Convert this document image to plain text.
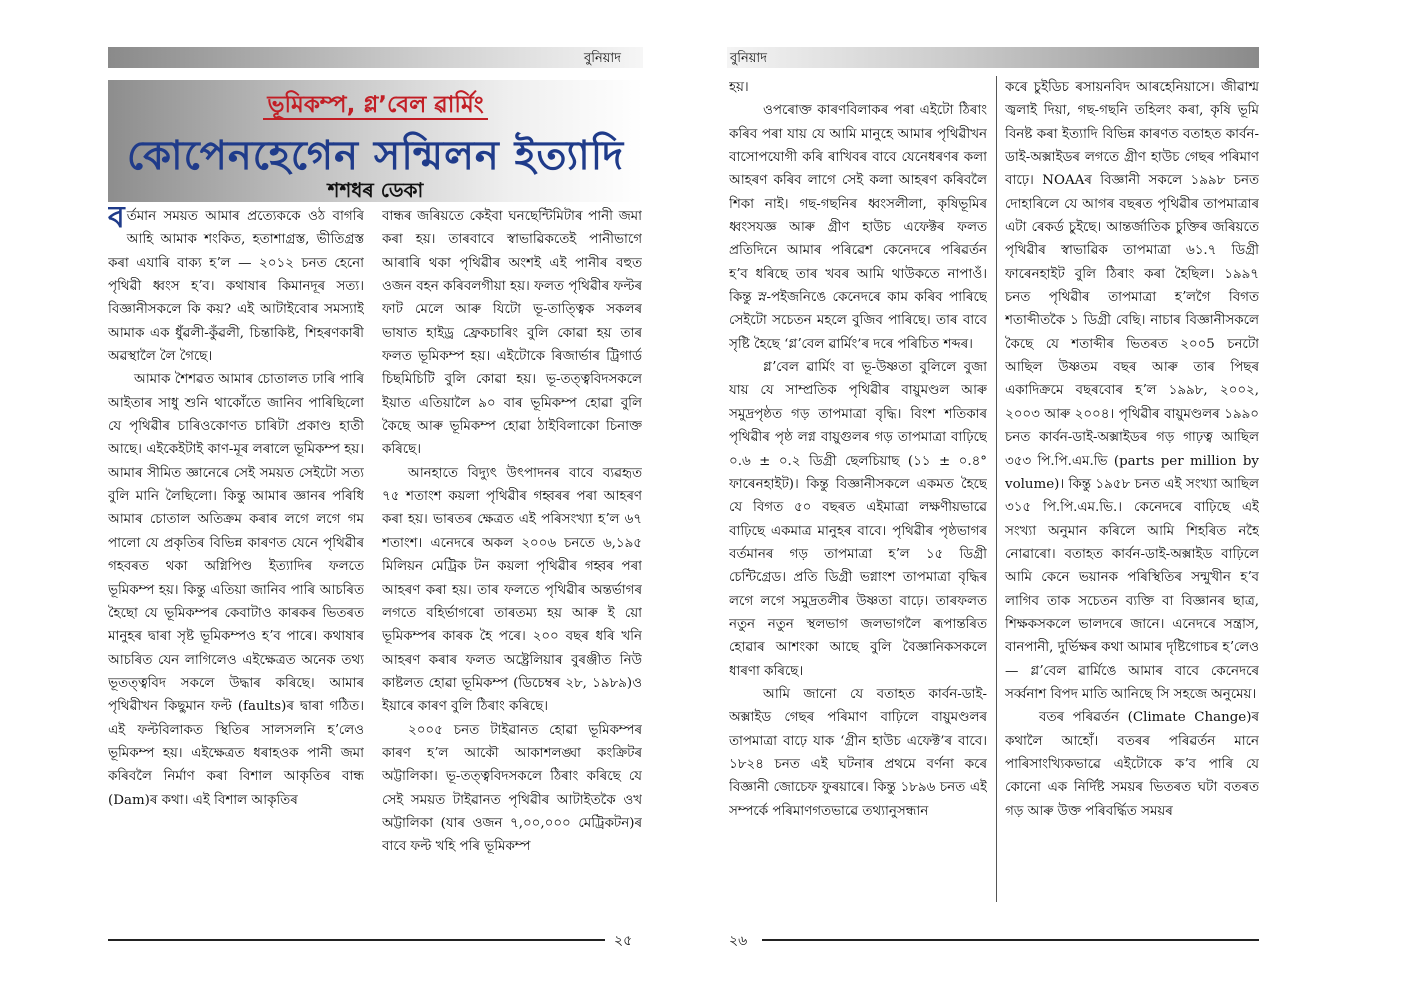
বুনিয়াদ
ভূমিকম্প, গ্লʼবেল ৱাৰ্মিং
কোপেনহেগেন সন্মিলন ইত্যাদি
শশধৰ ডেকা

বৰ্তমান সময়ত আমাৰ প্ৰত্যেককে ওঠ বাগৰি আহি আমাক শংকিত, হতাশাগ্ৰস্ত, ভীতিগ্ৰস্ত কৰা এযাৰি বাক্য হʼল — ২০১২ চনত হেনো পৃথিৱী ধ্বংস হʼব। কথাষাৰ কিমানদূৰ সত্য। বিজ্ঞানীসকলে কি কয়? এই আটাইবোৰ সমস্যাই আমাক এক ধুঁৱলী-কুঁৱলী, চিন্তাকিষ্ট, শিহৰণকাৰী অৱস্থালৈ লৈ গৈছে।

আমাক শৈশৱত আমাৰ চোতালত ঢাৰি পাৰি আইতাৰ সাধু শুনি থাকোঁতে জানিব পাৰিছিলো যে পৃথিৱীৰ চাৰিওকোণত চাৰিটা প্ৰকাণ্ড হাতী আছে। এইকেইটাই কাণ-মূৰ লৰালে ভূমিকম্প হয়। আমাৰ সীমিত জ্ঞানেৰে সেই সময়ত সেইটো সত্য বুলি মানি লৈছিলো। কিন্তু আমাৰ জ্ঞানৰ পৰিধি আমাৰ চোতাল অতিক্ৰম কৰাৰ লগে লগে গম পালো যে প্ৰকৃতিৰ বিভিন্ন কাৰণত যেনে পৃথিৱীৰ গহবৰত থকা অগ্নিপিণ্ড ইত্যাদিৰ ফলতে ভূমিকম্প হয়। কিন্তু এতিয়া জানিব পাৰি আচৰিত হৈছো যে ভূমিকম্পৰ কেবাটাও কাৰকৰ ভিতৰত মানুহৰ দ্বাৰা সৃষ্ট ভূমিকম্পও হʼব পাৰে। কথাষাৰ আচৰিত যেন লাগিলেও এইক্ষেত্ৰত অনেক তথ্য ভূতত্ত্ববিদ সকলে উদ্ধাৰ কৰিছে। আমাৰ পৃথিৱীখন কিছুমান ফল্ট (faults)ৰ দ্বাৰা গঠিত। এই ফল্টবিলাকত স্থিতিৰ সালসলনি হʼলেও ভূমিকম্প হয়। এইক্ষেত্ৰত ধৰাহওক পানী জমা কৰিবলৈ নিৰ্মাণ কৰা বিশাল আকৃতিৰ বান্ধ (Dam)ৰ কথা। এই বিশাল আকৃতিৰ

বান্ধৰ জৰিয়তে কেইবা ঘনছেন্টিমিটাৰ পানী জমা কৰা হয়। তাৰবাবে স্বাভাৱিকতেই পানীভাগে আৰাৰি থকা পৃথিৱীৰ অংশই এই পানীৰ বহুত ওজন বহন কৰিবলগীয়া হয়। ফলত পৃথিৱীৰ ফল্টৰ ফাট মেলে আৰু যিটো ভূ-তাত্ত্বিক সকলৰ ভাষাত হাইড্ৰ ফ্ৰেকচাৰিং বুলি কোৱা হয় তাৰ ফলত ভূমিকম্প হয়। এইটোকে ৰিজাৰ্ভাৰ ট্ৰিগাৰ্ড চিছমিচিটি বুলি কোৱা হয়। ভূ-তত্ত্ববিদসকলে ইয়াত এতিয়ালৈ ৯০ বাৰ ভূমিকম্প হোৱা বুলি কৈছে আৰু ভূমিকম্প হোৱা ঠাইবিলাকো চিনাক্ত কৰিছে।

আনহাতে বিদ্যুৎ উৎপাদনৰ বাবে ব্যৱহৃত ৭৫ শতাংশ কয়লা পৃথিৱীৰ গহ্বৰৰ পৰা আহৰণ কৰা হয়। ভাৰতৰ ক্ষেত্ৰত এই পৰিসংখ্যা হʼল ৬৭ শতাংশ। এনেদৰে অকল ২০০৬ চনতে ৬,১৯৫ মিলিয়ন মেট্ৰিক টন কয়লা পৃথিৱীৰ গহ্বৰ পৰা আহৰণ কৰা হয়। তাৰ ফলতে পৃথিৱীৰ অন্তৰ্ভাগৰ লগতে বহিৰ্ভাগৰো তাৰতম্য হয় আৰু ই য়ো ভূমিকম্পৰ কাৰক হৈ পৰে। ২০০ বছৰ ধৰি খনি আহৰণ কৰাৰ ফলত অষ্ট্ৰেলিয়াৰ বুৰঞ্জীত নিউ কাষ্টলত হোৱা ভূমিকম্প (ডিচেম্বৰ ২৮, ১৯৮৯)ও ইয়াৰে কাৰণ বুলি ঠিৰাং কৰিছে।

২০০৫ চনত টাইৱানত হোৱা ভূমিকম্পৰ কাৰণ হʼল আকৌ আকাশলঙ্ঘা কংক্ৰিটৰ অট্টালিকা। ভূ-তত্ত্ববিদসকলে ঠিৰাং কৰিছে যে সেই সময়ত টাইৱানত পৃথিৱীৰ আটাইতকৈ ওখ অট্টালিকা (যাৰ ওজন ৭,০০,০০০ মেট্ৰিকটন)ৰ বাবে ফল্ট খহি পৰি ভূমিকম্প

২৫
বুনিয়াদ

হয়।

ওপৰোক্ত কাৰণবিলাকৰ পৰা এইটো ঠিৰাং কৰিব পৰা যায় যে আমি মানুহে আমাৰ পৃথিৱীখন বাসোপযোগী কৰি ৰাখিবৰ বাবে যেনেধৰণৰ কলা আহৰণ কৰিব লাগে সেই কলা আহৰণ কৰিবলৈ শিকা নাই। গছ-গছনিৰ ধ্বংসলীলা, কৃষিভূমিৰ ধ্বংসযজ্ঞ আৰু গ্ৰীণ হাউচ এফেক্টৰ ফলত প্ৰতিদিনে আমাৰ পৰিৱেশ কেনেদৰে পৰিৱৰ্তন হʼব ধৰিছে তাৰ খবৰ আমি থাউকতে নাপাওঁ। কিন্তু স্ন-পইজনিঙে কেনেদৰে কাম কৰিব পাৰিছে সেইটো সচেতন মহলে বুজিব পাৰিছে। তাৰ বাবে সৃষ্টি হৈছে ‘গ্লʼবেল ৱাৰ্মিং’ৰ দৰে পৰিচিত শব্দৰ।

গ্লʼবেল ৱাৰ্মিং বা ভূ-উষ্ণতা বুলিলে বুজা যায় যে সাম্প্ৰতিক পৃথিৱীৰ বায়ুমণ্ডল আৰু সমুদ্ৰপৃষ্ঠত গড় তাপমাত্ৰা বৃদ্ধি। বিংশ শতিকাৰ পৃথিৱীৰ পৃষ্ঠ লগ্ন বায়ুগুলৰ গড় তাপমাত্ৰা বাঢ়িছে ০.৬ ± ০.২ ডিগ্ৰী ছেলচিয়াছ (১১ ± ০.৪° ফাৰেনহাইট)। কিন্তু বিজ্ঞানীসকলে একমত হৈছে যে বিগত ৫০ বছৰত এইমাত্ৰা লক্ষণীয়ভাৱে বাঢ়িছে একমাত্ৰ মানুহৰ বাবে। পৃথিৱীৰ পৃষ্ঠভাগৰ বৰ্তমানৰ গড় তাপমাত্ৰা হʼল ১৫ ডিগ্ৰী চেন্টিগ্ৰেড। প্ৰতি ডিগ্ৰী ভগ্নাংশ তাপমাত্ৰা বৃদ্ধিৰ লগে লগে সমুদ্ৰতলীৰ উষ্ণতা বাঢ়ে। তাৰফলত নতুন নতুন স্থলভাগ জলভাগলৈ ৰূপান্তৰিত হোৱাৰ আশংকা আছে বুলি বৈজ্ঞানিকসকলে ধাৰণা কৰিছে।

আমি জানো যে বতাহত কাৰ্বন-ডাই-অক্সাইড গেছৰ পৰিমাণ বাঢ়িলে বায়ুমণ্ডলৰ তাপমাত্ৰা বাঢ়ে যাক ‘গ্ৰীন হাউচ এফেক্ট’ৰ বাবে। ১৮২৪ চনত এই ঘটনাৰ প্ৰথমে বৰ্ণনা কৰে বিজ্ঞানী জোচেফ ফুৰয়াৰে। কিন্তু ১৮৯৬ চনত এই সম্পৰ্কে পৰিমাণগতভাৱে তথ্যানুসন্ধান

কৰে চুইডিচ ৰসায়নবিদ আৰহেনিয়াসে। জীৱাশ্ম জ্বলাই দিয়া, গছ-গছনি তহিলং কৰা, কৃষি ভূমি বিনষ্ট কৰা ইত্যাদি বিভিন্ন কাৰণত বতাহত কাৰ্বন-ডাই-অক্সাইডৰ লগতে গ্ৰীণ হাউচ গেছৰ পৰিমাণ বাঢ়ে। NOAAৰ বিজ্ঞানী সকলে ১৯৯৮ চনত দোহাৰিলে যে আগৰ বছৰত পৃথিৱীৰ তাপমাত্ৰাৰ এটা ৰেকৰ্ড চুইছে। আন্তৰ্জাতিক চুক্তিৰ জৰিয়তে পৃথিৱীৰ স্বাভাৱিক তাপমাত্ৰা ৬১.৭ ডিগ্ৰী ফাৰেনহাইট বুলি ঠিৰাং কৰা হৈছিল। ১৯৯৭ চনত পৃথিৱীৰ তাপমাত্ৰা হʼলগৈ বিগত শতাব্দীতকৈ ১ ডিগ্ৰী বেছি। নাচাৰ বিজ্ঞানীসকলে কৈছে যে শতাব্দীৰ ভিতৰত ২০০5 চনটো আছিল উষ্ণতম বছৰ আৰু তাৰ পিছৰ একাদিক্ৰমে বছৰবোৰ হʼল ১৯৯৮, ২০০২, ২০০৩ আৰু ২০০৪। পৃথিৱীৰ বায়ুমণ্ডলৰ ১৯৯০ চনত কাৰ্বন-ডাই-অক্সাইডৰ গড় গাঢ়ত্ব আছিল ৩৫৩ পি.পি.এম.ভি (parts per million by volume)। কিন্তু ১৯৫৮ চনত এই সংখ্যা আছিল ৩১৫ পি.পি.এম.ভি.। কেনেদৰে বাঢ়িছে এই সংখ্যা অনুমান কৰিলে আমি শিহৰিত নহৈ নোৱাৰো। বতাহত কাৰ্বন-ডাই-অক্সাইড বাঢ়িলে আমি কেনে ভয়ানক পৰিস্থিতিৰ সন্মুখীন হʼব লাগিব তাক সচেতন ব্যক্তি বা বিজ্ঞানৰ ছাত্ৰ, শিক্ষকসকলে ভালদৰে জানে। এনেদৰে সন্ত্ৰাস, বানপানী, দুৰ্ভিক্ষৰ কথা আমাৰ দৃষ্টিগোচৰ হʼলেও — গ্লʼবেল ৱাৰ্মিঙে আমাৰ বাবে কেনেদৰে সৰ্ব্বনাশ বিপদ মাতি আনিছে সি সহজে অনুমেয়।

বতৰ পৰিৱৰ্তন (Climate Change)ৰ কথালৈ আহোঁ। বতৰৰ পৰিৱৰ্তন মানে পাৰিসাংখ্যিকভাৱে এইটোকে কʼব পাৰি যে কোনো এক নিৰ্দিষ্ট সময়ৰ ভিতৰত ঘটা বতৰত গড় আৰু উক্ত পৰিবৰ্দ্ধিত সময়ৰ

২৬
